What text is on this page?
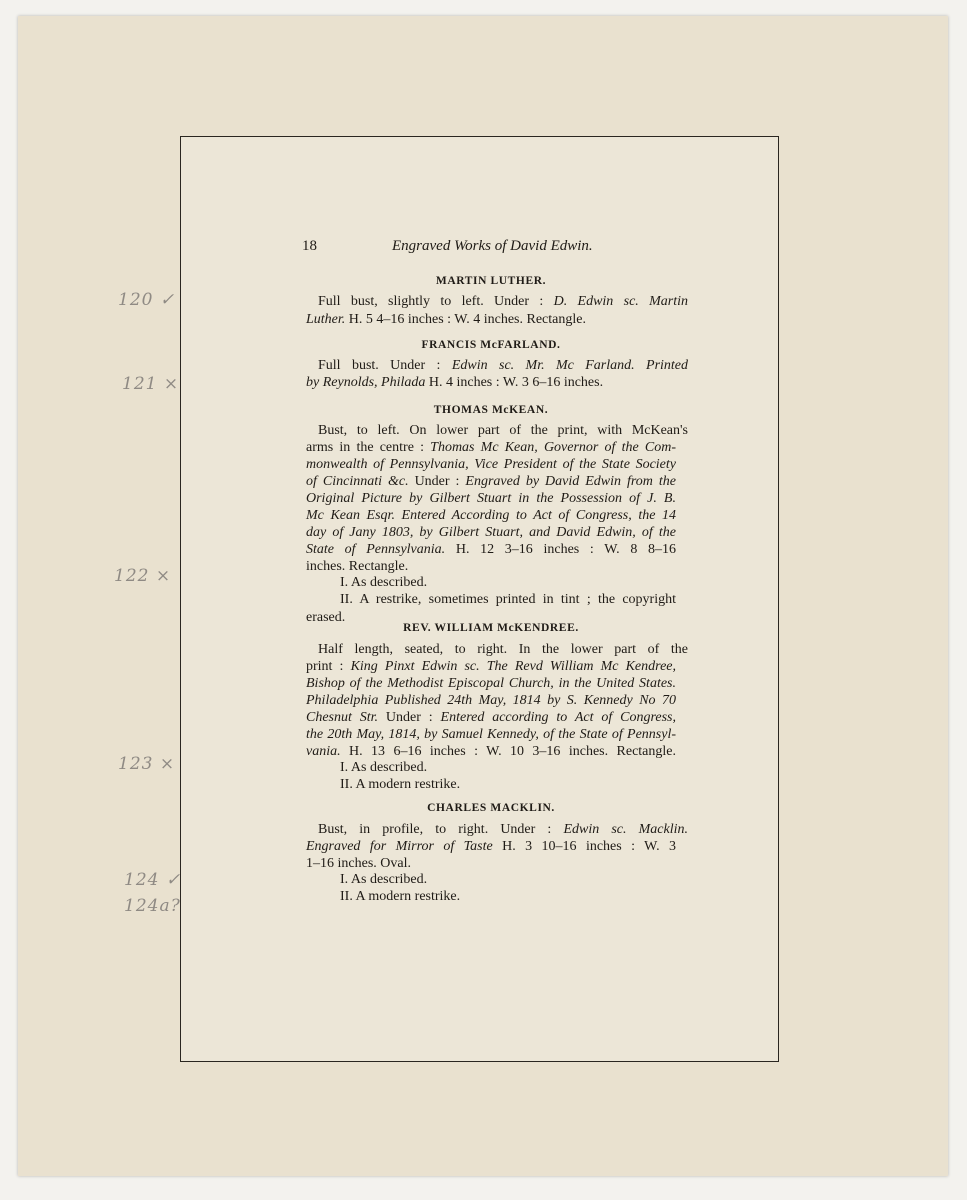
18	Engraved Works of David Edwin.
MARTIN LUTHER.
Full bust, slightly to left. Under : D. Edwin sc. Martin
Luther. H. 5 4–16 inches : W. 4 inches. Rectangle.
FRANCIS McFARLAND.
Full bust. Under : Edwin sc. Mr. Mc Farland. Printed
by Reynolds, Philada H. 4 inches : W. 3 6–16 inches.
THOMAS McKEAN.
Bust, to left. On lower part of the print, with McKean's
arms in the centre : Thomas Mc Kean, Governor of the Com-
monwealth of Pennsylvania, Vice President of the State Society
of Cincinnati &c. Under : Engraved by David Edwin from the
Original Picture by Gilbert Stuart in the Possession of J. B.
Mc Kean Esqr. Entered According to Act of Congress, the 14
day of Jany 1803, by Gilbert Stuart, and David Edwin, of the
State of Pennsylvania. H. 12 3–16 inches : W. 8 8–16
inches. Rectangle.
I. As described.
II. A restrike, sometimes printed in tint ; the copyright
erased.
REV. WILLIAM McKENDREE.
Half length, seated, to right. In the lower part of the
print : King Pinxt Edwin sc. The Revd William Mc Kendree,
Bishop of the Methodist Episcopal Church, in the United States.
Philadelphia Published 24th May, 1814 by S. Kennedy No 70
Chesnut Str. Under : Entered according to Act of Congress,
the 20th May, 1814, by Samuel Kennedy, of the State of Pennsyl-
vania. H. 13 6–16 inches : W. 10 3–16 inches. Rectangle.
I. As described.
II. A modern restrike.
CHARLES MACKLIN.
Bust, in profile, to right. Under : Edwin sc. Macklin.
Engraved for Mirror of Taste H. 3 10–16 inches : W. 3
1–16 inches. Oval.
I. As described.
II. A modern restrike.
120 ✓
121 ×
122 ×
123 ×
124 ✓
124a?
